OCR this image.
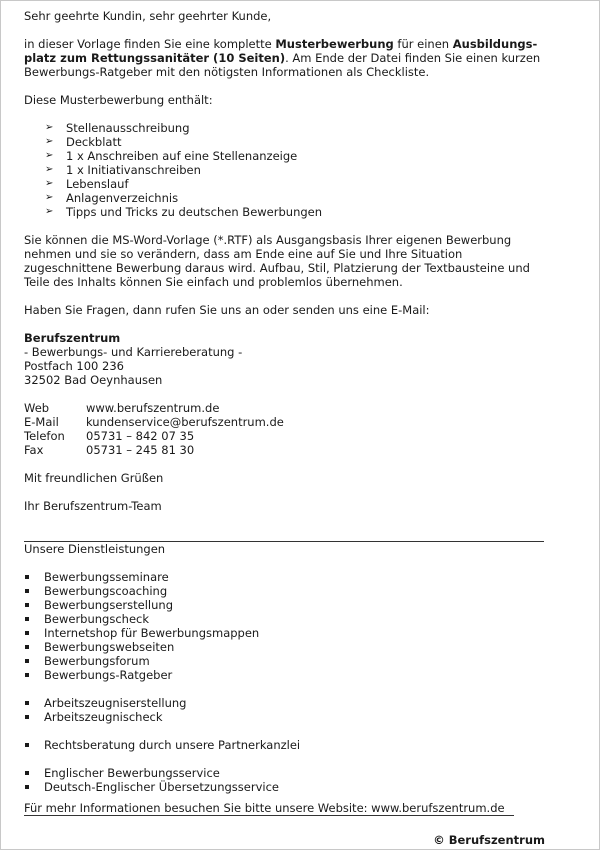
Sehr geehrte Kundin, sehr geehrter Kunde,

in dieser Vorlage finden Sie eine komplette Musterbewerbung für einen Ausbildungs-
platz zum Rettungssanitäter (10 Seiten). Am Ende der Datei finden Sie einen kurzen
Bewerbungs-Ratgeber mit den nötigsten Informationen als Checkliste.

Diese Musterbewerbung enthält:

➢ Stellenausschreibung
➢ Deckblatt
➢ 1 x Anschreiben auf eine Stellenanzeige
➢ 1 x Initiativanschreiben
➢ Lebenslauf
➢ Anlagenverzeichnis
➢ Tipps und Tricks zu deutschen Bewerbungen

Sie können die MS-Word-Vorlage (*.RTF) als Ausgangsbasis Ihrer eigenen Bewerbung
nehmen und sie so verändern, dass am Ende eine auf Sie und Ihre Situation
zugeschnittene Bewerbung daraus wird. Aufbau, Stil, Platzierung der Textbausteine und
Teile des Inhalts können Sie einfach und problemlos übernehmen.

Haben Sie Fragen, dann rufen Sie uns an oder senden uns eine E-Mail:

Berufszentrum

- Bewerbungs- und Karriereberatung -

Postfach 100 236

32502 Bad Oeynhausen

Web	www.berufszentrum.de
E-Mail	kundenservice@berufszentrum.de
Telefon	05731 – 842 07 35
Fax	05731 – 245 81 30

Mit freundlichen Grüßen

Ihr Berufszentrum-Team

Unsere Dienstleistungen

Bewerbungsseminare
Bewerbungscoaching
Bewerbungserstellung
Bewerbungscheck
Internetshop für Bewerbungsmappen
Bewerbungswebseiten
Bewerbungsforum
Bewerbungs-Ratgeber
Arbeitszeugniserstellung
Arbeitszeugnischeck
Rechtsberatung durch unsere Partnerkanzlei
Englischer Bewerbungsservice
Deutsch-Englischer Übersetzungsservice

Für mehr Informationen besuchen Sie bitte unsere Website: www.berufszentrum.de

© Berufszentrum
